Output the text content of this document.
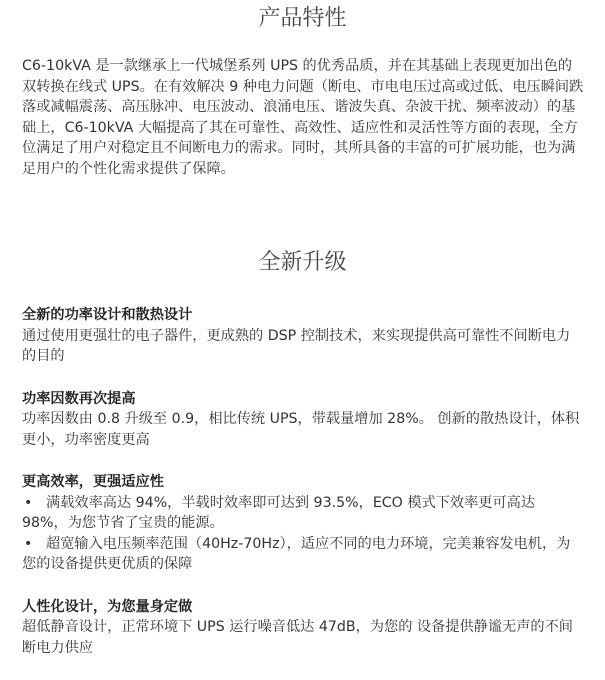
产品特性

C6-10kVA 是一款继承上一代城堡系列 UPS 的优秀品质，并在其基础上表现更加出色的双转换在线式 UPS。在有效解决 9 种电力问题（断电、市电电压过高或过低、电压瞬间跌落或减幅震荡、高压脉冲、电压波动、浪涌电压、谐波失真、杂波干扰、频率波动）的基础上，C6-10kVA 大幅提高了其在可靠性、高效性、适应性和灵活性等方面的表现，全方位满足了用户对稳定且不间断电力的需求。同时，其所具备的丰富的可扩展功能，也为满足用户的个性化需求提供了保障。

全新升级

全新的功率设计和散热设计

通过使用更强壮的电子器件，更成熟的 DSP 控制技术，来实现提供高可靠性不间断电力的目的

功率因数再次提高

功率因数由 0.8 升级至 0.9，相比传统 UPS，带载量增加 28%。 创新的散热设计，体积更小，功率密度更高

更高效率，更强适应性

• 满载效率高达 94%，半载时效率即可达到 93.5%，ECO 模式下效率更可高达 98%，为您节省了宝贵的能源。

• 超宽输入电压频率范围（40Hz-70Hz），适应不同的电力环境，完美兼容发电机，为您的设备提供更优质的保障

人性化设计，为您量身定做

超低静音设计，正常环境下 UPS 运行噪音低达 47dB，为您的 设备提供静谧无声的不间断电力供应
